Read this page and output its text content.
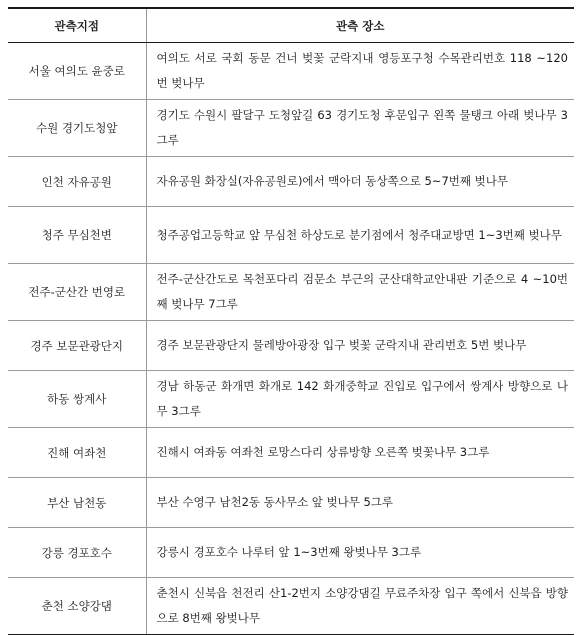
관측지점	관측 장소
서울 여의도 윤중로	여의도 서로 국회 동문 건너 벚꽃 군락지내 영등포구청 수목관리번호 118 ~120번 벚나무
수원 경기도청앞	경기도 수원시 팔달구 도청앞길 63 경기도청 후문입구 왼쪽 물탱크 아래 벚나무 3그루
인천 자유공원	자유공원 화장실(자유공원로)에서 맥아더 동상쪽으로 5~7번째 벚나무
청주 무심천변	청주공업고등학교 앞 무심천 하상도로 분기점에서 청주대교방면 1~3번째 벚나무
전주-군산간 번영로	전주-군산간도로 목천포다리 검문소 부근의 군산대학교안내판 기준으로 4 ~10번째 벚나무 7그루
경주 보문관광단지	경주 보문관광단지 물레방아광장 입구 벚꽃 군락지내 관리번호 5번 벚나무
하동 쌍계사	경남 하동군 화개면 화개로 142 화개중학교 진입로 입구에서 쌍계사 방향으로 나무 3그루
진해 여좌천	진해시 여좌동 여좌천 로망스다리 상류방향 오른쪽 벚꽃나무 3그루
부산 남천동	부산 수영구 남천2동 동사무소 앞 벚나무 5그루
강릉 경포호수	강릉시 경포호수 나루터 앞 1~3번째 왕벚나무 3그루
춘천 소양강댐	춘천시 신북읍 천전리 산1-2번지 소양강댐길 무료주차장 입구 쪽에서 신북읍 방향으로 8번째 왕벚나무
